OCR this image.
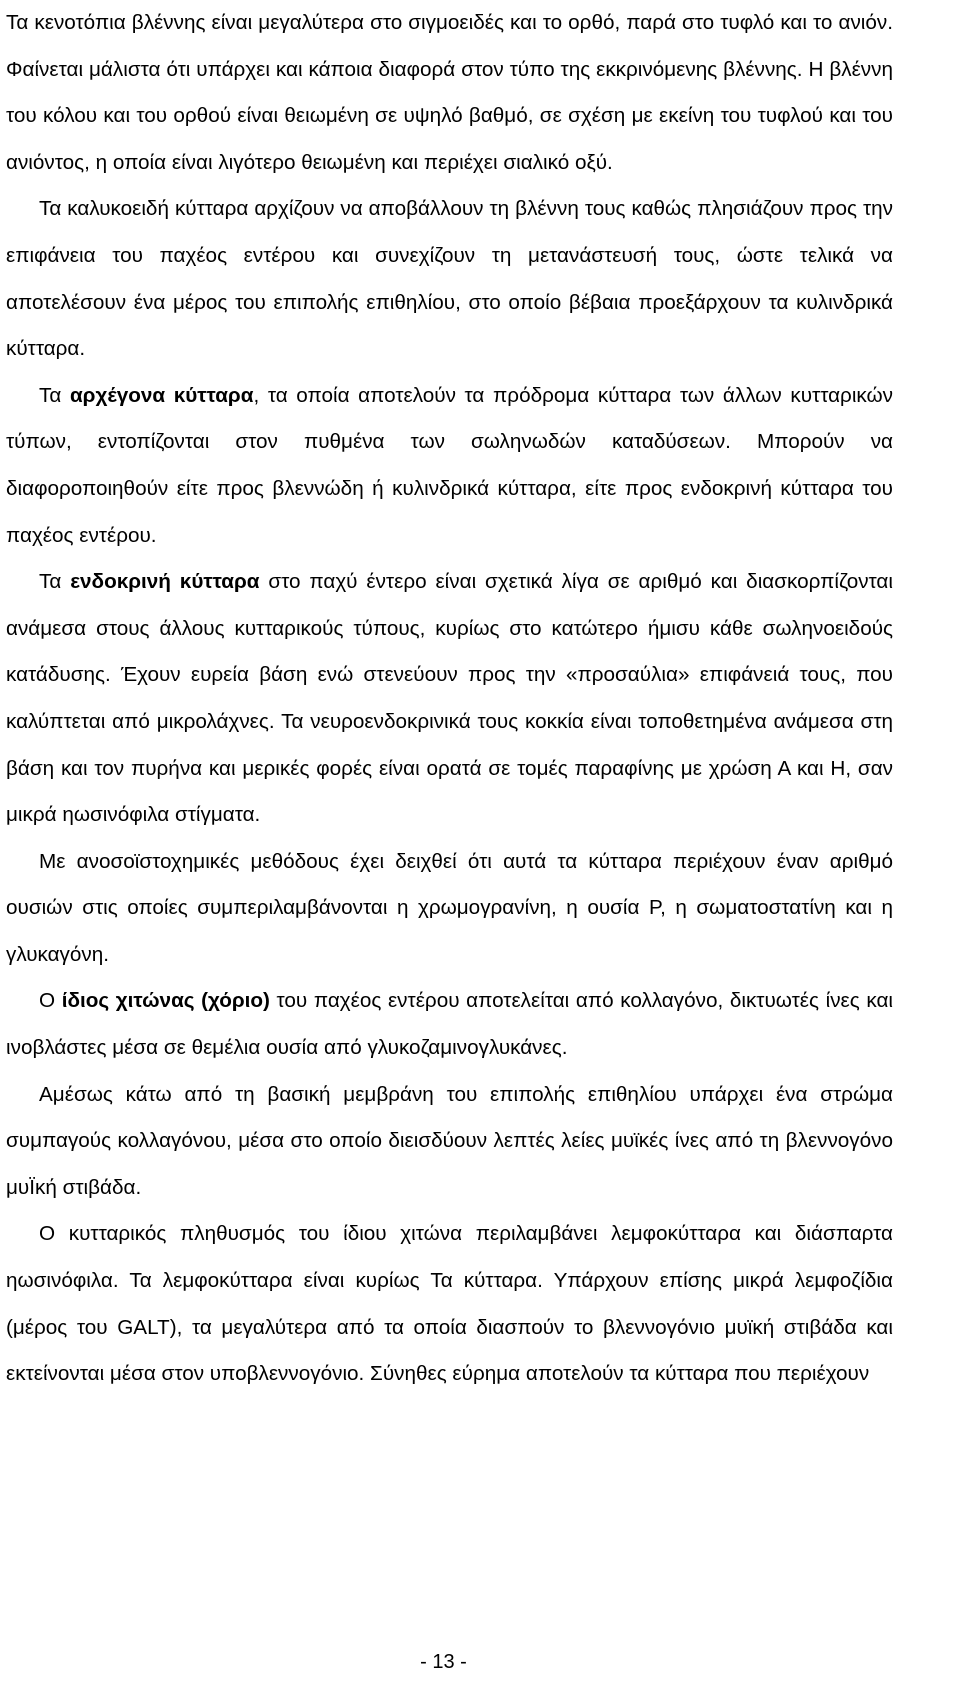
Τα κενοτόπια βλέννης είναι μεγαλύτερα στο σιγμοειδές και το ορθό, παρά στο τυφλό και το ανιόν. Φαίνεται μάλιστα ότι υπάρχει και κάποια διαφορά στον τύπο της εκκρινόμενης βλέννης. Η βλέννη του κόλου και του ορθού είναι θειωμένη σε υψηλό βαθμό, σε σχέση με εκείνη του τυφλού και του ανιόντος, η οποία είναι λιγότερο θειωμένη και περιέχει σιαλικό οξύ.

Τα καλυκοειδή κύτταρα αρχίζουν να αποβάλλουν τη βλέννη τους καθώς πλησιάζουν προς την επιφάνεια του παχέος εντέρου και συνεχίζουν τη μετανάστευσή τους, ώστε τελικά να αποτελέσουν ένα μέρος του επιπολής επιθηλίου, στο οποίο βέβαια προεξάρχουν τα κυλινδρικά κύτταρα.

Τα αρχέγονα κύτταρα, τα οποία αποτελούν τα πρόδρομα κύτταρα των άλλων κυτταρικών τύπων, εντοπίζονται στον πυθμένα των σωληνωδών καταδύσεων. Μπορούν να διαφοροποιηθούν είτε προς βλεννώδη ή κυλινδρικά κύτταρα, είτε προς ενδοκρινή κύτταρα του παχέος εντέρου.

Τα ενδοκρινή κύτταρα στο παχύ έντερο είναι σχετικά λίγα σε αριθμό και διασκορπίζονται ανάμεσα στους άλλους κυτταρικούς τύπους, κυρίως στο κατώτερο ήμισυ κάθε σωληνοειδούς κατάδυσης. Έχουν ευρεία βάση ενώ στενεύουν προς την «προσαύλια» επιφάνειά τους, που καλύπτεται από μικρολάχνες. Τα νευροενδοκρινικά τους κοκκία είναι τοποθετημένα ανάμεσα στη βάση και τον πυρήνα και μερικές φορές είναι ορατά σε τομές παραφίνης με χρώση Α και Η, σαν μικρά ηωσινόφιλα στίγματα.

Με ανοσοϊστοχημικές μεθόδους έχει δειχθεί ότι αυτά τα κύτταρα περιέχουν έναν αριθμό ουσιών στις οποίες συμπεριλαμβάνονται η χρωμογρανίνη, η ουσία Ρ, η σωματοστατίνη και η γλυκαγόνη.

Ο ίδιος χιτώνας (χόριο) του παχέος εντέρου αποτελείται από κολλαγόνο, δικτυωτές ίνες και ινοβλάστες μέσα σε θεμέλια ουσία από γλυκοζαμινογλυκάνες.

Αμέσως κάτω από τη βασική μεμβράνη του επιπολής επιθηλίου υπάρχει ένα στρώμα συμπαγούς κολλαγόνου, μέσα στο οποίο διεισδύουν λεπτές λείες μυϊκές ίνες από τη βλεννογόνο μυΪκή στιβάδα.

Ο κυτταρικός πληθυσμός του ίδιου χιτώνα περιλαμβάνει λεμφοκύτταρα και διάσπαρτα ηωσινόφιλα. Τα λεμφοκύτταρα είναι κυρίως Τα κύτταρα. Υπάρχουν επίσης μικρά λεμφοζίδια (μέρος του GALT), τα μεγαλύτερα από τα οποία διασπούν το βλεννογόνιο μυϊκή στιβάδα και εκτείνονται μέσα στον υποβλεννογόνιο. Σύνηθες εύρημα αποτελούν τα κύτταρα που περιέχουν

- 13 -
